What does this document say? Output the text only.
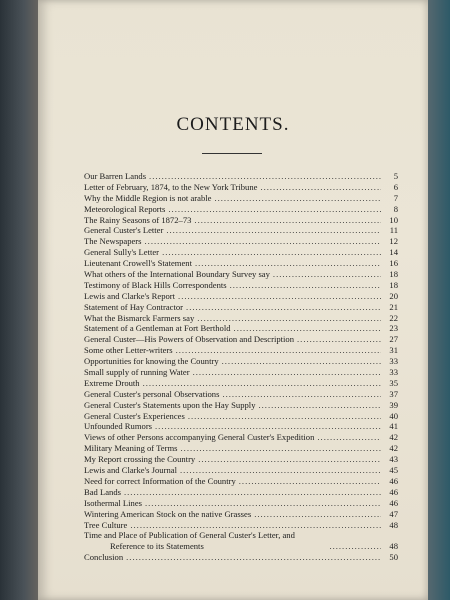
CONTENTS.
Our Barren Lands .....	5
Letter of February, 1874, to the New York Tribune .....	6
Why the Middle Region is not arable .....	7
Meteorological Reports .....	8
The Rainy Seasons of 1872–73 .....	10
General Custer's Letter .....	11
The Newspapers .....	12
General Sully's Letter .....	14
Lieutenant Crowell's Statement .....	16
What others of the International Boundary Survey say .....	18
Testimony of Black Hills Correspondents .....	18
Lewis and Clarke's Report .....	20
Statement of Hay Contractor .....	21
What the Bismarck Farmers say .....	22
Statement of a Gentleman at Fort Berthold .....	23
General Custer—His Powers of Observation and Description .....	27
Some other Letter-writers .....	31
Opportunities for knowing the Country .....	33
Small supply of running Water .....	33
Extreme Drouth .....	35
General Custer's personal Observations .....	37
General Custer's Statements upon the Hay Supply .....	39
General Custer's Experiences .....	40
Unfounded Rumors .....	41
Views of other Persons accompanying General Custer's Expedition .....	42
Military Meaning of Terms .....	42
My Report crossing the Country .....	43
Lewis and Clarke's Journal .....	45
Need for correct Information of the Country .....	46
Bad Lands .....	46
Isothermal Lines .....	46
Wintering American Stock on the native Grasses .....	47
Tree Culture .....	48
Time and Place of Publication of General Custer's Letter, and
Reference to its Statements .....	48
Conclusion .....	50
